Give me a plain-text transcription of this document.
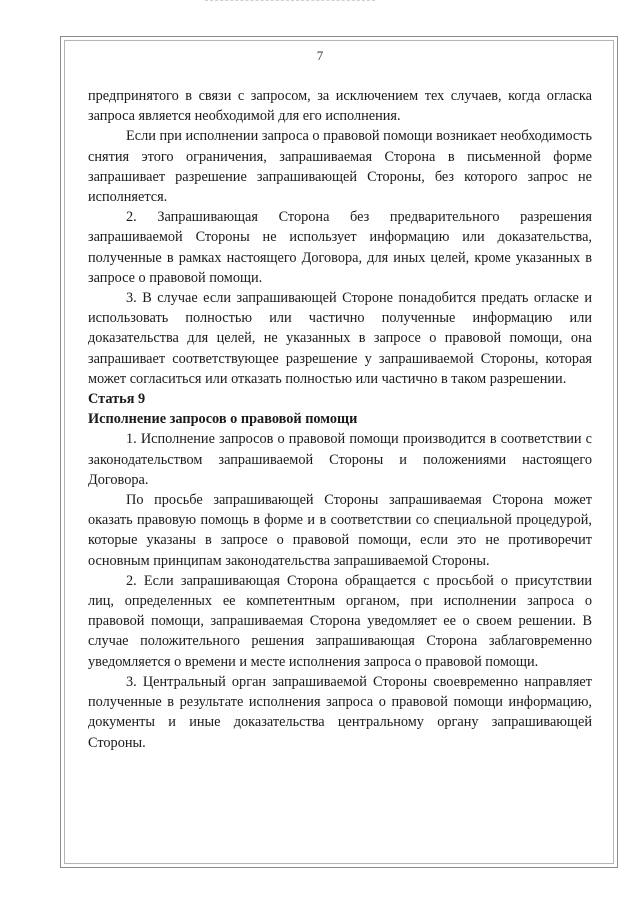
7

предпринятого в связи с запросом, за исключением тех случаев, когда огласка запроса является необходимой для его исполнения.

Если при исполнении запроса о правовой помощи возникает необходимость снятия этого ограничения, запрашиваемая Сторона в письменной форме запрашивает разрешение запрашивающей Стороны, без которого запрос не исполняется.

2. Запрашивающая Сторона без предварительного разрешения запрашиваемой Стороны не использует информацию или доказательства, полученные в рамках настоящего Договора, для иных целей, кроме указанных в запросе о правовой помощи.

3. В случае если запрашивающей Стороне понадобится предать огласке и использовать полностью или частично полученные информацию или доказательства для целей, не указанных в запросе о правовой помощи, она запрашивает соответствующее разрешение у запрашиваемой Стороны, которая может согласиться или отказать полностью или частично в таком разрешении.

Статья 9

Исполнение запросов о правовой помощи

1. Исполнение запросов о правовой помощи производится в соответствии с законодательством запрашиваемой Стороны и положениями настоящего Договора.

По просьбе запрашивающей Стороны запрашиваемая Сторона может оказать правовую помощь в форме и в соответствии со специальной процедурой, которые указаны в запросе о правовой помощи, если это не противоречит основным принципам законодательства запрашиваемой Стороны.

2. Если запрашивающая Сторона обращается с просьбой о присутствии лиц, определенных ее компетентным органом, при исполнении запроса о правовой помощи, запрашиваемая Сторона уведомляет ее о своем решении. В случае положительного решения запрашивающая Сторона заблаговременно уведомляется о времени и месте исполнения запроса о правовой помощи.

3. Центральный орган запрашиваемой Стороны своевременно направляет полученные в результате исполнения запроса о правовой помощи информацию, документы и иные доказательства центральному органу запрашивающей Стороны.
